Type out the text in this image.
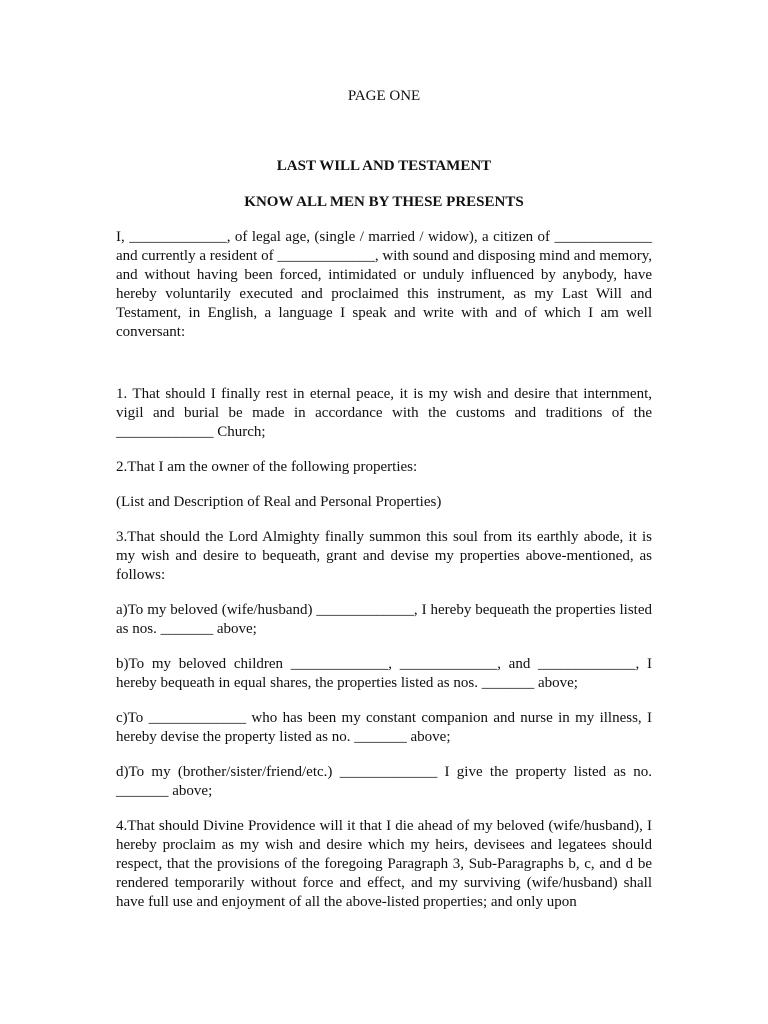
PAGE ONE

LAST WILL AND TESTAMENT

KNOW ALL MEN BY THESE PRESENTS

I, _____________, of legal age, (single / married / widow), a citizen of _____________ and currently a resident of _____________, with sound and disposing mind and memory, and without having been forced, intimidated or unduly influenced by anybody, have hereby voluntarily executed and proclaimed this instrument, as my Last Will and Testament, in English, a language I speak and write with and of which I am well conversant:

1. That should I finally rest in eternal peace, it is my wish and desire that internment, vigil and burial be made in accordance with the customs and traditions of the _____________ Church;

2.That I am the owner of the following properties:

(List and Description of Real and Personal Properties)

3.That should the Lord Almighty finally summon this soul from its earthly abode, it is my wish and desire to bequeath, grant and devise my properties above-mentioned, as follows:

a)To my beloved (wife/husband) _____________, I hereby bequeath the properties listed as nos. _______ above;

b)To my beloved children _____________, _____________, and _____________, I hereby bequeath in equal shares, the properties listed as nos. _______ above;

c)To _____________ who has been my constant companion and nurse in my illness, I hereby devise the property listed as no. _______ above;

d)To my (brother/sister/friend/etc.) _____________ I give the property listed as no. _______ above;

4.That should Divine Providence will it that I die ahead of my beloved (wife/husband), I hereby proclaim as my wish and desire which my heirs, devisees and legatees should respect, that the provisions of the foregoing Paragraph 3, Sub-Paragraphs b, c, and d be rendered temporarily without force and effect, and my surviving (wife/husband) shall have full use and enjoyment of all the above-listed properties; and only upon
